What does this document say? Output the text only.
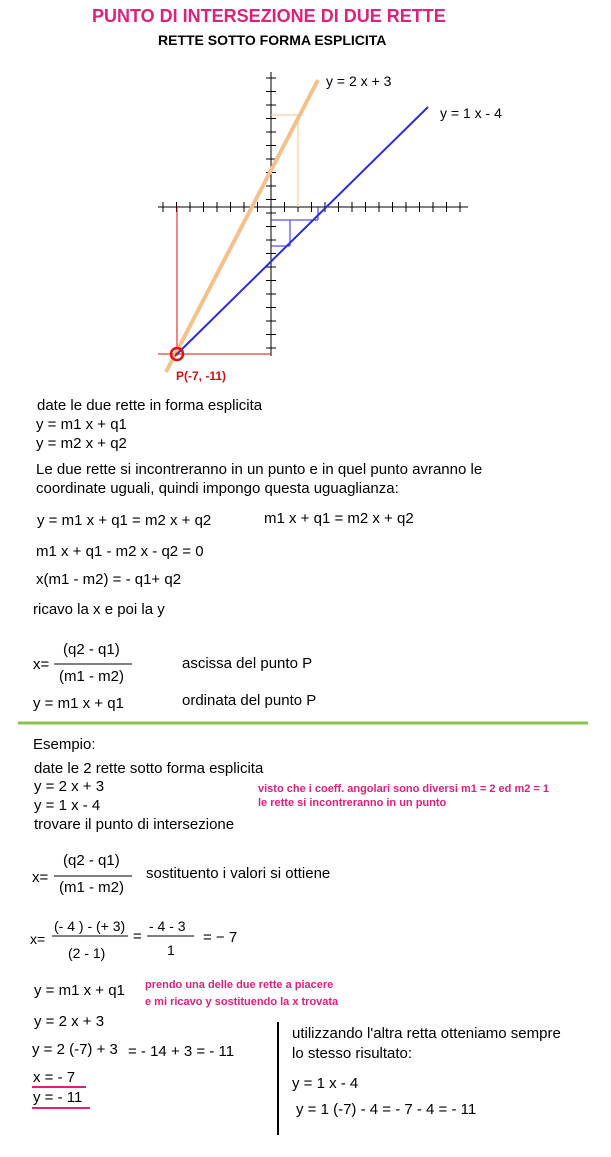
PUNTO DI INTERSEZIONE DI DUE RETTE
RETTE SOTTO FORMA ESPLICITA
y = 2 x + 3
y = 1 x - 4
P(-7, -11)
date le due rette in forma esplicita
y = m1 x + q1
y = m2 x + q2
Le due rette si incontreranno in un punto e in quel punto avranno le
coordinate uguali, quindi impongo questa uguaglianza:
y = m1 x + q1 = m2 x + q2	m1 x + q1 = m2 x + q2
m1 x + q1 - m2 x - q2 = 0
x(m1 - m2) = - q1+ q2
ricavo la x e poi la y
x=
(q2 - q1)
(m1 - m2)
ascissa del punto P
y = m1 x + q1	ordinata del punto P
Esempio:
date le 2 rette sotto forma esplicita
y = 2 x + 3
y = 1 x - 4
visto che i coeff. angolari sono diversi m1 = 2 ed m2 = 1
le rette si incontreranno in un punto
trovare il punto di intersezione
x=
(q2 - q1)
(m1 - m2)
sostituento i valori si ottiene
x=
(- 4 ) - (+ 3)
(2 - 1)
=
- 4 - 3
1
= − 7
y = m1 x + q1 prendo una delle due rette a piacere
e mi ricavo y sostituendo la x trovata
y = 2 x + 3
y = 2 (-7) + 3 = - 14 + 3 = - 11
x = - 7
y = - 11
utilizzando l'altra retta otteniamo sempre
lo stesso risultato:
y = 1 x - 4
y = 1 (-7) - 4 = - 7 - 4 = - 11
